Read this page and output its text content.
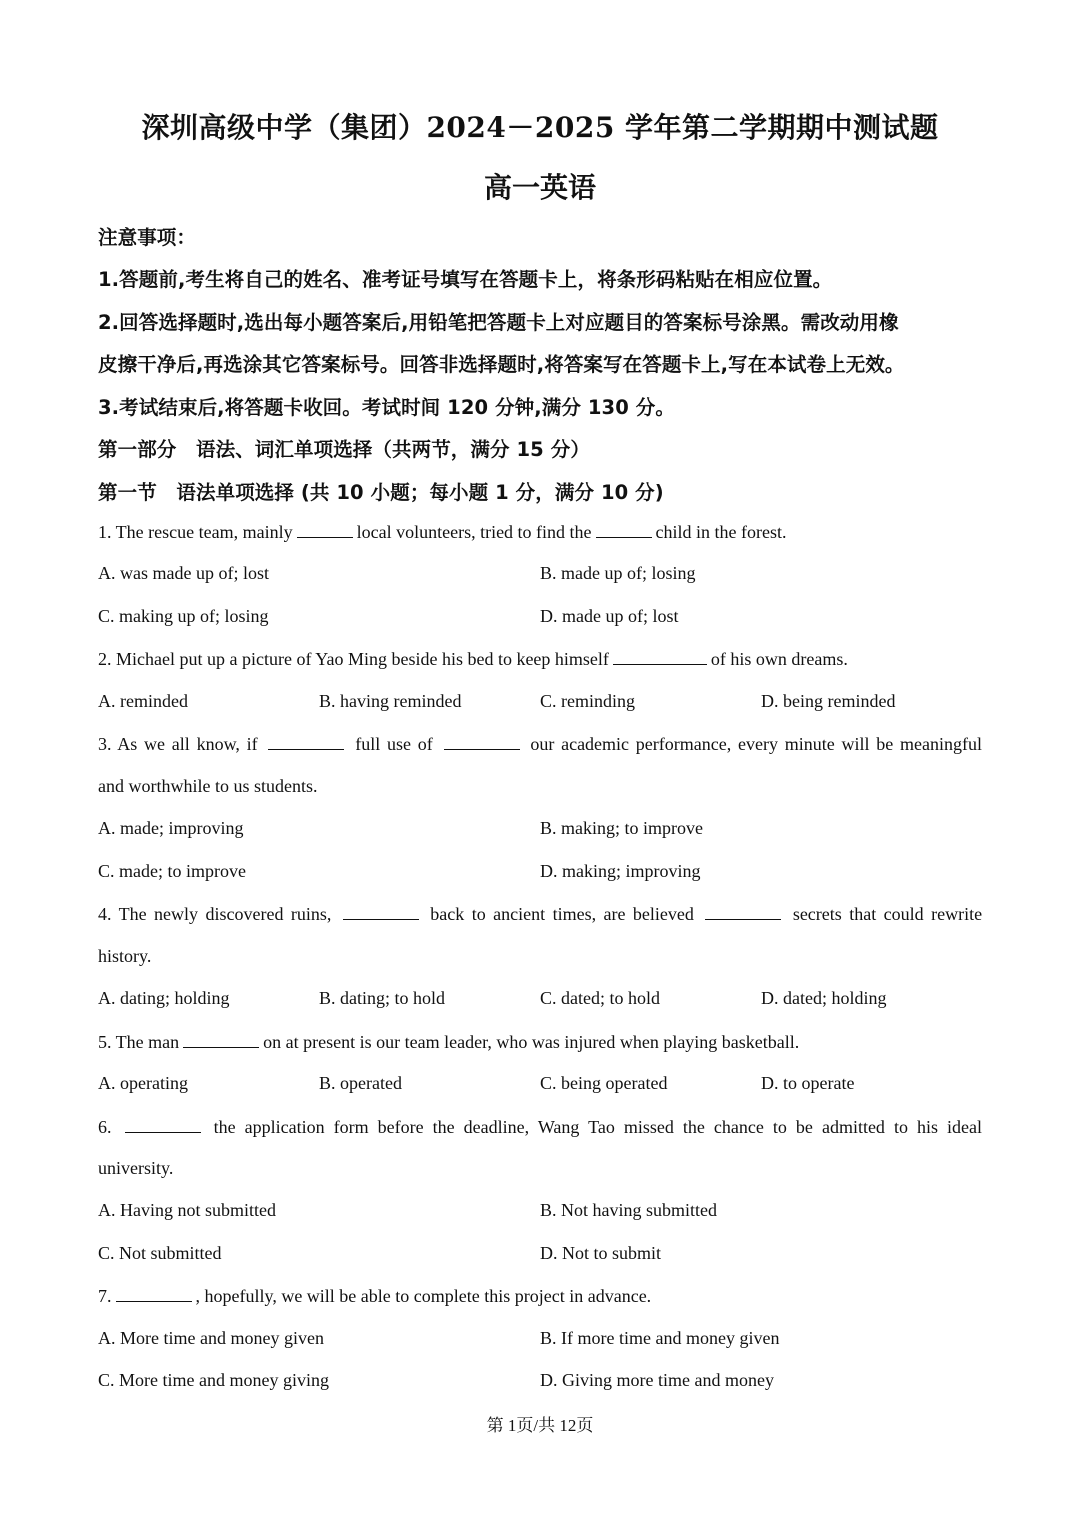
深圳高级中学（集团）2024－2025 学年第二学期期中测试题
高一英语
注意事项：
1.答题前,考生将自己的姓名、准考证号填写在答题卡上，将条形码粘贴在相应位置。
2.回答选择题时,选出每小题答案后,用铅笔把答题卡上对应题目的答案标号涂黑。需改动用橡
皮擦干净后,再选涂其它答案标号。回答非选择题时,将答案写在答题卡上,写在本试卷上无效。
3.考试结束后,将答题卡收回。考试时间 120 分钟,满分 130 分。
第一部分　语法、词汇单项选择（共两节，满分 15 分）
第一节　语法单项选择 (共 10 小题；每小题 1 分，满分 10 分)
1. The rescue team, mainly	local volunteers, tried to find the	child in the forest.
A. was made up of; lost	B. made up of; losing
C. making up of; losing	D. made up of; lost
2. Michael put up a picture of Yao Ming beside his bed to keep himself	of his own dreams.
A. reminded	B. having reminded	C. reminding	D. being reminded
3. As we all know, if	full use of	our academic performance, every minute will be meaningful
and worthwhile to us students.
A. made; improving	B. making; to improve
C. made; to improve	D. making; improving
4. The newly discovered ruins,	back to ancient times, are believed	secrets that could rewrite
history.
A. dating; holding	B. dating; to hold	C. dated; to hold	D. dated; holding
5. The man	on at present is our team leader, who was injured when playing basketball.
A. operating	B. operated	C. being operated	D. to operate
6.	the application form before the deadline, Wang Tao missed the chance to be admitted to his ideal
university.
A. Having not submitted	B. Not having submitted
C. Not submitted	D. Not to submit
7.	, hopefully, we will be able to complete this project in advance.
A. More time and money given	B. If more time and money given
C. More time and money giving	D. Giving more time and money
第 1页/共 12页
